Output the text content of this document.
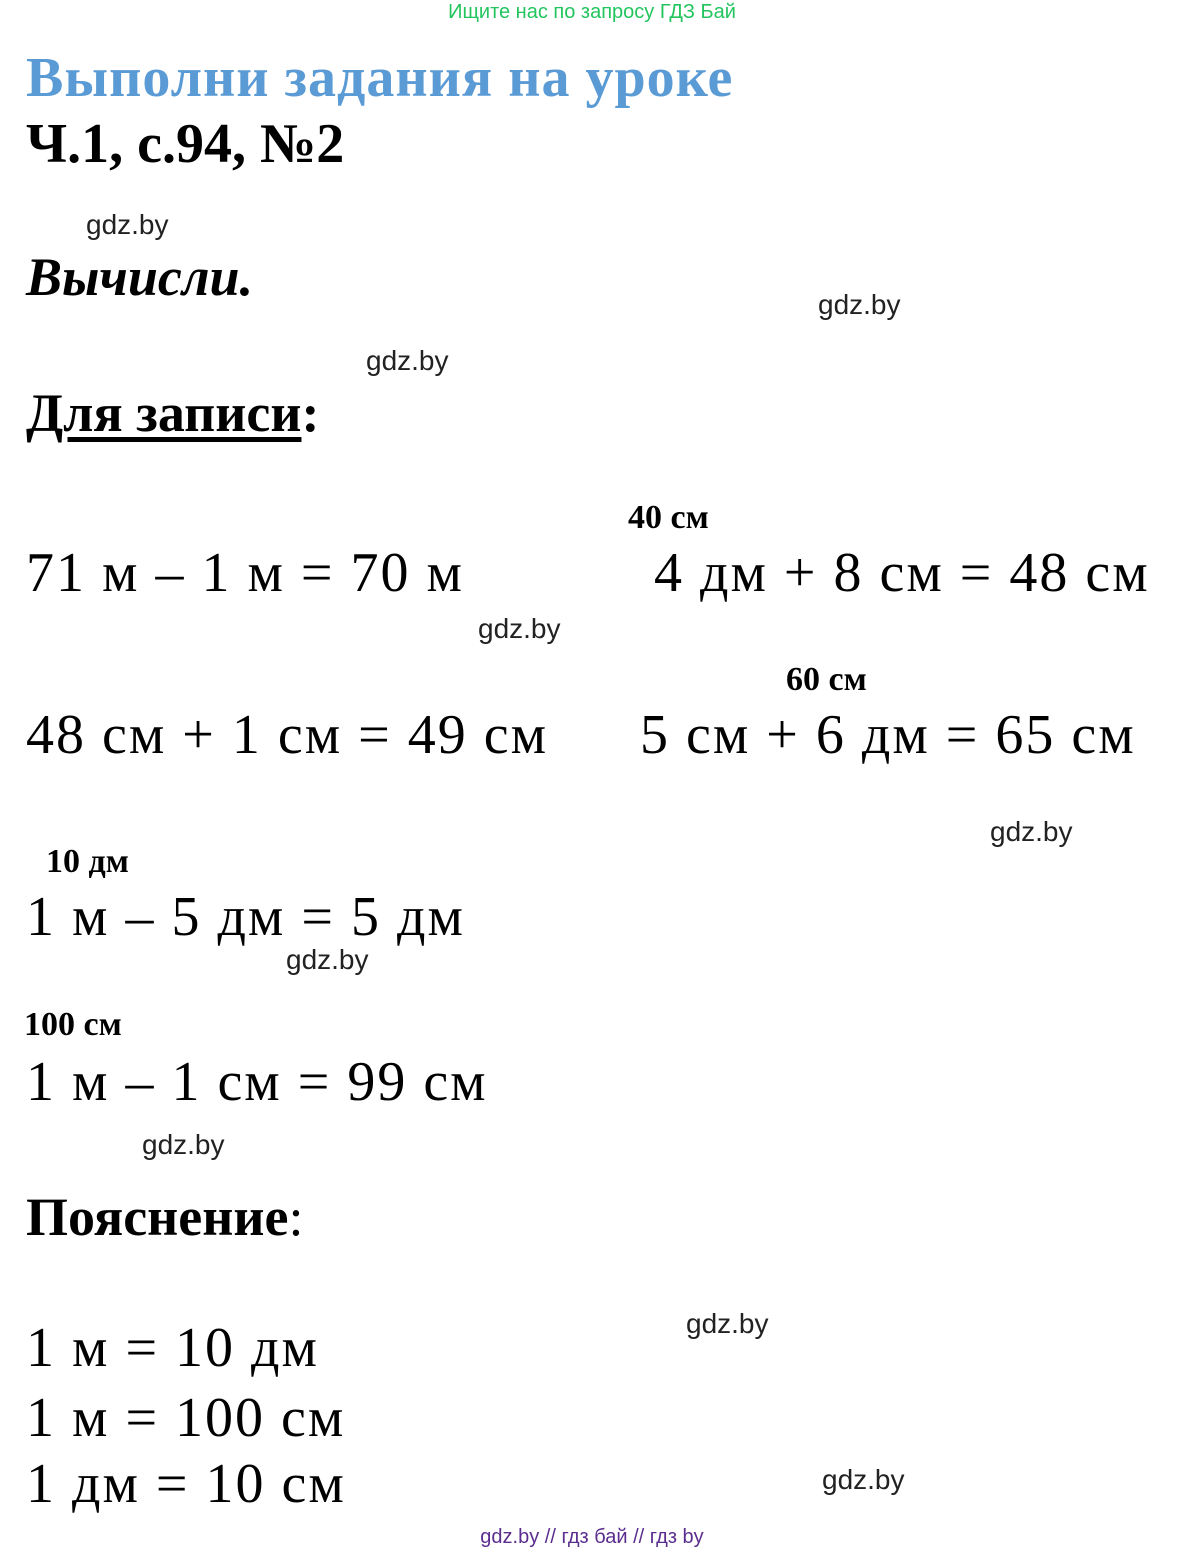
Ищите нас по запросу ГДЗ Бай
Выполни задания на уроке
Ч.1, с.94, №2
gdz.by
Вычисли.	gdz.by
gdz.by
Для записи:
40 см
71 м – 1 м = 70 м	4 дм + 8 см = 48 см
gdz.by
60 см
48 см + 1 см = 49 см 5 см + 6 дм = 65 см
gdz.by
10 дм
1 м – 5 дм = 5 дм
gdz.by
100 см
1 м – 1 см = 99 см
gdz.by
Пояснение:
gdz.by
1 м = 10 дм
1 м = 100 см
1 дм = 10 см	gdz.by
gdz.by // гдз бай // гдз by
